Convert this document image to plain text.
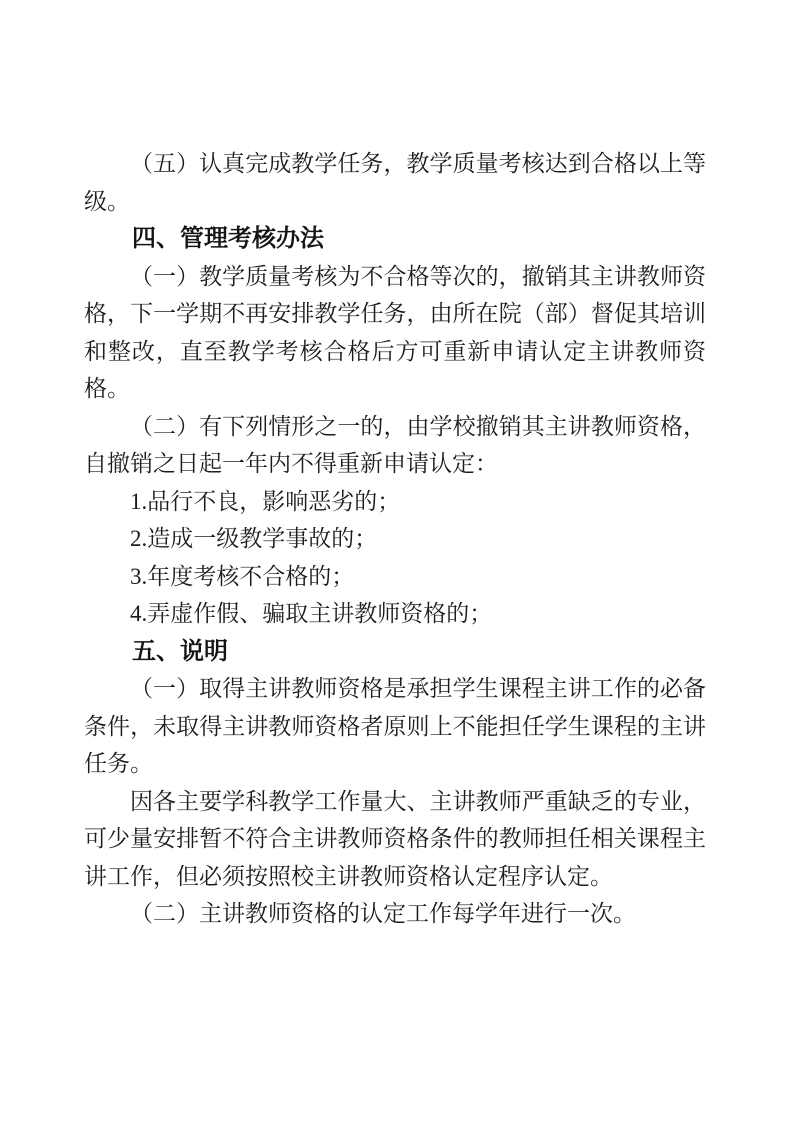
（五）认真完成教学任务，教学质量考核达到合格以上等

级。

四、管理考核办法

（一）教学质量考核为不合格等次的，撤销其主讲教师资

格，下一学期不再安排教学任务，由所在院（部）督促其培训

和整改，直至教学考核合格后方可重新申请认定主讲教师资

格。

（二）有下列情形之一的，由学校撤销其主讲教师资格，

自撤销之日起一年内不得重新申请认定：

1.品行不良，影响恶劣的；

2.造成一级教学事故的；

3.年度考核不合格的；

4.弄虚作假、骗取主讲教师资格的；

五、说明

（一）取得主讲教师资格是承担学生课程主讲工作的必备

条件，未取得主讲教师资格者原则上不能担任学生课程的主讲

任务。

因各主要学科教学工作量大、主讲教师严重缺乏的专业，

可少量安排暂不符合主讲教师资格条件的教师担任相关课程主

讲工作，但必须按照校主讲教师资格认定程序认定。

（二）主讲教师资格的认定工作每学年进行一次。
